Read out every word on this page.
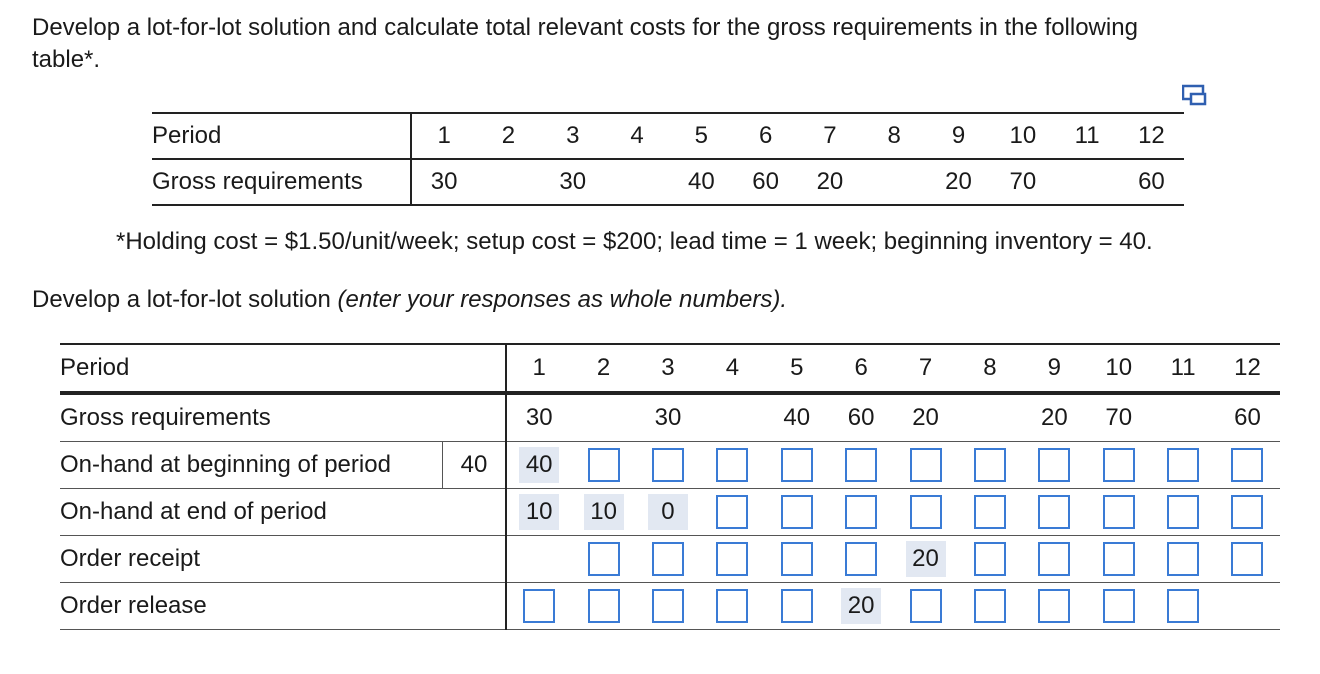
Develop a lot-for-lot solution and calculate total relevant costs for the gross requirements in the following table*.

Period	1	2	3	4	5	6	7	8	9	10	11	12
Gross requirements	30		30		40	60	20		20	70		60

*Holding cost = $1.50/unit/week; setup cost = $200; lead time = 1 week; beginning inventory = 40.

Develop a lot-for-lot solution (enter your responses as whole numbers).

Period		1	2	3	4	5	6	7	8	9	10	11	12
Gross requirements		30		30		40	60	20		20	70		60
On-hand at beginning of period	40	40											
On-hand at end of period		10	10	0									
Order receipt								20					
Order release							20						
